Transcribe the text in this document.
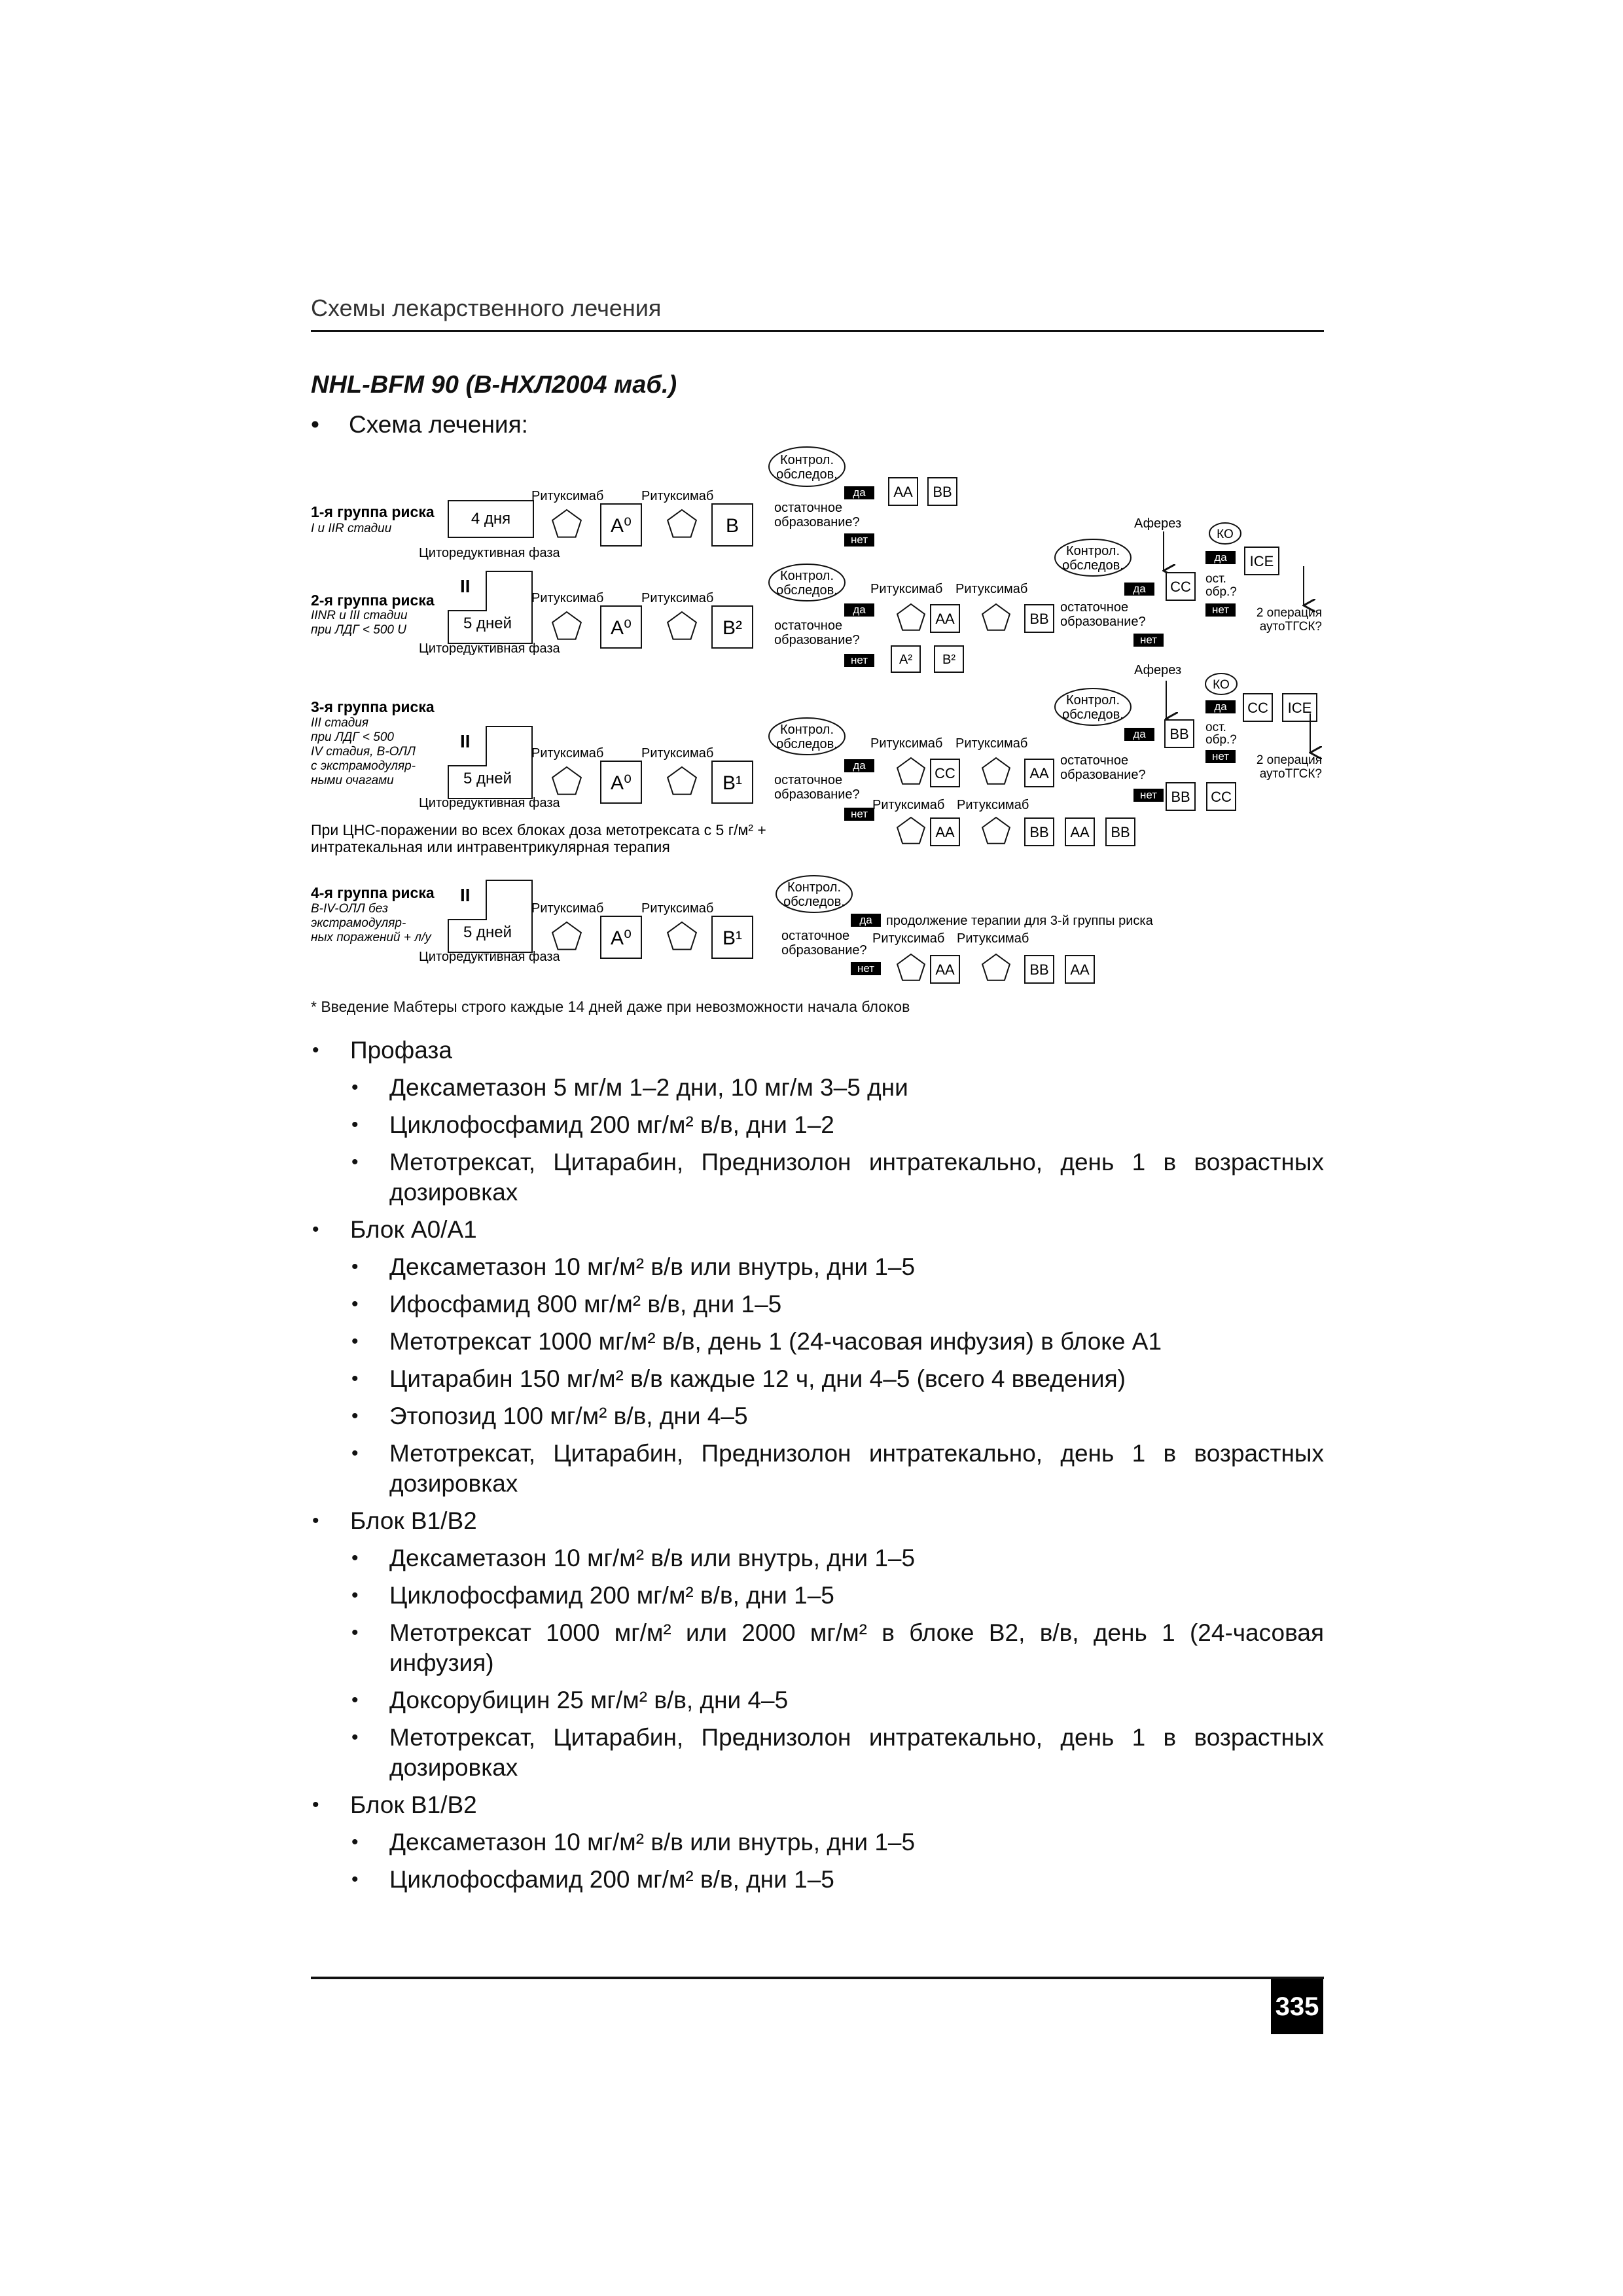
Схемы лекарственного лечения
NHL-BFM 90 (В-НХЛ2004 маб.)
• Схема лечения:
1-я группа риска
I и IIR стадии
4 дня
Циторедуктивная фаза
A⁰	B
Ритуксимаб	Ритуксимаб
Контрол.
обследов.
да
остаточное
образование?
нет
AA BB
Аферез
КО
Контрол.
обследов.
да CC
да ICE
ост.
обр.?
нет 2 операция
аутоТГСК?
2-я группа риска
IINR и III стадии
при ЛДГ < 500 U
II
5 дней
Циторедуктивная фаза
A⁰	B²
Ритуксимаб	Ритуксимаб
Контрол.
обследов.
да
остаточное
образование?
нет A² B²
Ритуксимаб Ритуксимаб
AA	BB
остаточное
образование?
нет
3-я группа риска
III стадия
при ЛДГ < 500
IV стадия, В-ОЛЛ
с экстрамодуляр-
ными очагами
II
5 дней
Циторедуктивная фаза
A⁰	B¹
Ритуксимаб	Ритуксимаб
Контрол.
обследов.
да
остаточное
образование?
нет
При ЦНС-поражении во всех блоках доза метотрексата с 5 г/м² +
интратекальная или интравентрикулярная терапия
Аферез
КО
Контрол.
обследов.
да BB
да CC ICE
ост.
обр.?
нет 2 операция
аутоТГСК?
Ритуксимаб Ритуксимаб
CC	AA
остаточное
образование?
нет BB CC
Ритуксимаб Ритуксимаб
AA	BB AA BB
4-я группа риска
В-IV-ОЛЛ без
экстрамодуляр-
ных поражений + л/у
II
5 дней
Циторедуктивная фаза
A⁰	B¹
Ритуксимаб	Ритуксимаб
Контрол.
обследов.
да продолжение терапии для 3-й группы риска
остаточное
образование?
нет
Ритуксимаб Ритуксимаб
AA	BB AA
* Введение Мабтеры строго каждые 14 дней даже при невозможности начала блоков
• Профаза
• Дексаметазон 5 мг/м 1–2 дни, 10 мг/м 3–5 дни
• Циклофосфамид 200 мг/м² в/в, дни 1–2
• Метотрексат, Цитарабин, Преднизолон интратекально, день 1 в возрастных дозировках
• Блок А0/А1
• Дексаметазон 10 мг/м² в/в или внутрь, дни 1–5
• Ифосфамид 800 мг/м² в/в, дни 1–5
• Метотрексат 1000 мг/м² в/в, день 1 (24-часовая инфузия) в блоке А1
• Цитарабин 150 мг/м² в/в каждые 12 ч, дни 4–5 (всего 4 введения)
• Этопозид 100 мг/м² в/в, дни 4–5
• Метотрексат, Цитарабин, Преднизолон интратекально, день 1 в возрастных дозировках
• Блок В1/В2
• Дексаметазон 10 мг/м² в/в или внутрь, дни 1–5
• Циклофосфамид 200 мг/м² в/в, дни 1–5
• Метотрексат 1000 мг/м² или 2000 мг/м² в блоке В2, в/в, день 1 (24-часовая инфузия)
• Доксорубицин 25 мг/м² в/в, дни 4–5
• Метотрексат, Цитарабин, Преднизолон интратекально, день 1 в возрастных дозировках
• Блок В1/В2
• Дексаметазон 10 мг/м² в/в или внутрь, дни 1–5
• Циклофосфамид 200 мг/м² в/в, дни 1–5
335
